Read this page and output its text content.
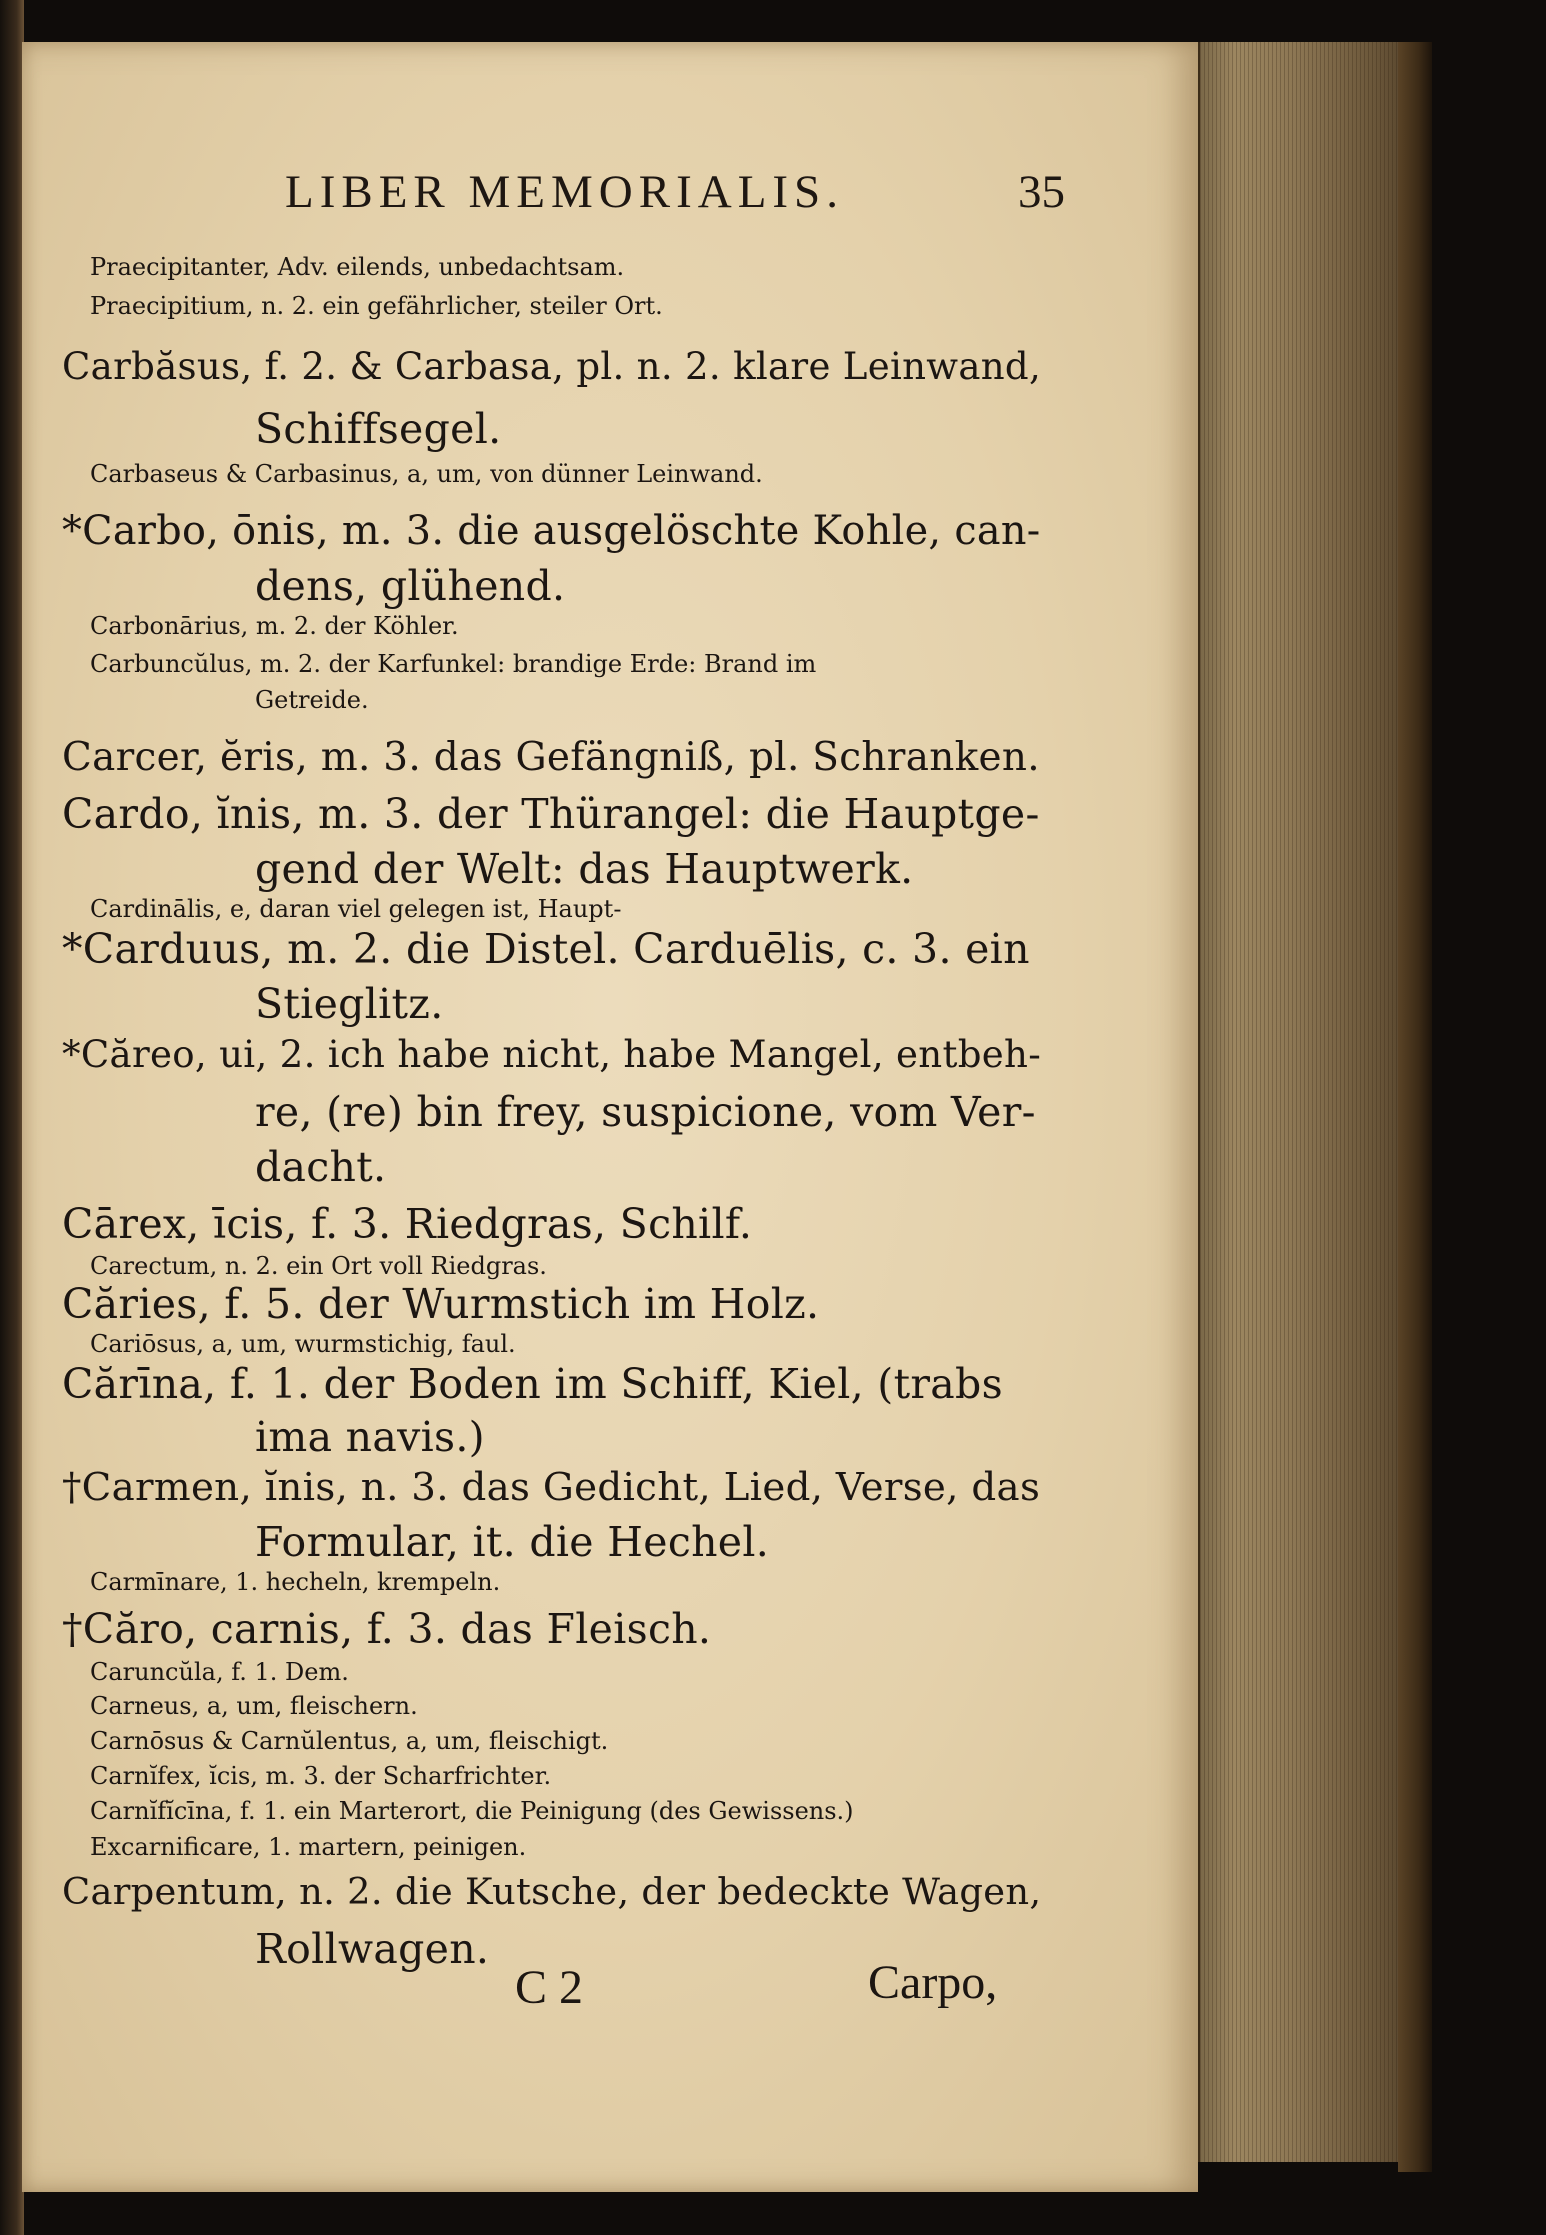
LIBER MEMORIALIS.	35
Praecipitanter, Adv. eilends, unbedachtsam.
Praecipitium, n. 2. ein gefährlicher, steiler Ort.
Carbăsus, f. 2. & Carbasa, pl. n. 2. klare Leinwand,
Schiffsegel.
Carbaseus & Carbasinus, a, um, von dünner Leinwand.
*Carbo, ōnis, m. 3. die ausgelöschte Kohle, can-
dens, glühend.
Carbonārius, m. 2. der Köhler.
Carbuncŭlus, m. 2. der Karfunkel: brandige Erde: Brand im
Getreide.
Carcer, ĕris, m. 3. das Gefängniß, pl. Schranken.
Cardo, ĭnis, m. 3. der Thürangel: die Hauptge-
gend der Welt: das Hauptwerk.
Cardinālis, e, daran viel gelegen ist, Haupt-
*Carduus, m. 2. die Distel. Carduēlis, c. 3. ein
Stieglitz.
*Căreo, ui, 2. ich habe nicht, habe Mangel, entbeh-
re, (re) bin frey, suspicione, vom Ver-
dacht.
Cārex, īcis, f. 3. Riedgras, Schilf.
Carectum, n. 2. ein Ort voll Riedgras.
Căries, f. 5. der Wurmstich im Holz.
Cariōsus, a, um, wurmstichig, faul.
Cărīna, f. 1. der Boden im Schiff, Kiel, (trabs
ima navis.)
†Carmen, ĭnis, n. 3. das Gedicht, Lied, Verse, das
Formular, it. die Hechel.
Carmīnare, 1. hecheln, krempeln.
†Căro, carnis, f. 3. das Fleisch.
Caruncŭla, f. 1. Dem.
Carneus, a, um, fleischern.
Carnōsus & Carnŭlentus, a, um, fleischigt.
Carnĭfex, ĭcis, m. 3. der Scharfrichter.
Carnĭfĭcīna, f. 1. ein Marterort, die Peinigung (des Gewissens.)
Excarnificare, 1. martern, peinigen.
Carpentum, n. 2. die Kutsche, der bedeckte Wagen,
Rollwagen.
C 2	Carpo,
